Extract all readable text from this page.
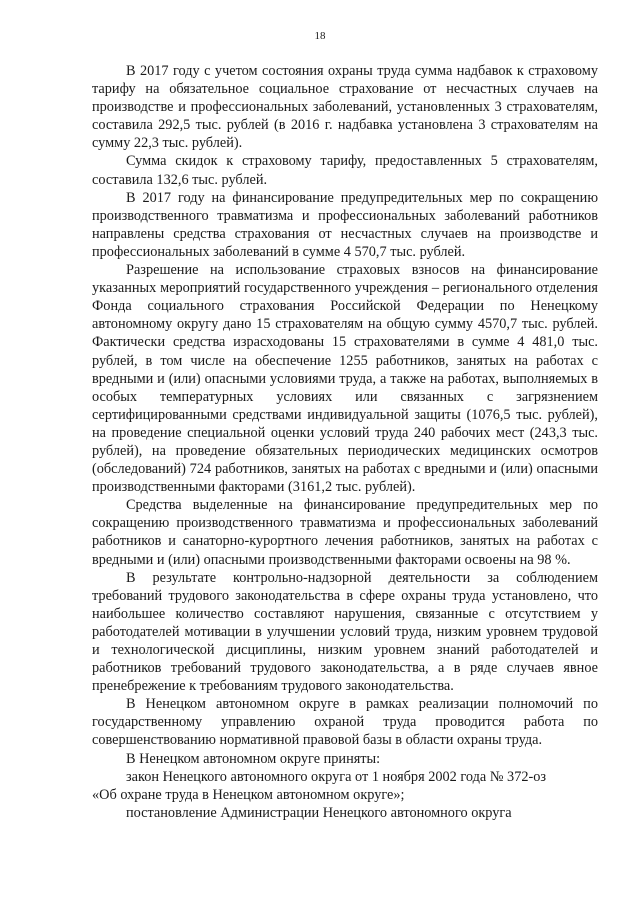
18

В 2017 году с учетом состояния охраны труда сумма надбавок к страховому тарифу на обязательное социальное страхование от несчастных случаев на производстве и профессиональных заболеваний, установленных 3 страхователям, составила 292,5 тыс. рублей (в 2016 г. надбавка установлена 3 страхователям на сумму 22,3 тыс. рублей).

Сумма скидок к страховому тарифу, предоставленных 5 страхователям, составила 132,6 тыс. рублей.

В 2017 году на финансирование предупредительных мер по сокращению производственного травматизма и профессиональных заболеваний работников направлены средства страхования от несчастных случаев на производстве и профессиональных заболеваний в сумме 4 570,7 тыс. рублей.

Разрешение на использование страховых взносов на финансирование указанных мероприятий государственного учреждения – регионального отделения Фонда социального страхования Российской Федерации по Ненецкому автономному округу дано 15 страхователям на общую сумму 4570,7 тыс. рублей. Фактически средства израсходованы 15 страхователями в сумме 4 481,0 тыс. рублей, в том числе на обеспечение 1255 работников, занятых на работах с вредными и (или) опасными условиями труда, а также на работах, выполняемых в особых температурных условиях или связанных с загрязнением сертифицированными средствами индивидуальной защиты (1076,5 тыс. рублей), на проведение специальной оценки условий труда 240 рабочих мест (243,3 тыс. рублей), на проведение обязательных периодических медицинских осмотров (обследований) 724 работников, занятых на работах с вредными и (или) опасными производственными факторами (3161,2 тыс. рублей).

Средства выделенные на финансирование предупредительных мер по сокращению производственного травматизма и профессиональных заболеваний работников и санаторно-курортного лечения работников, занятых на работах с вредными и (или) опасными производственными факторами освоены на 98 %.

В результате контрольно-надзорной деятельности за соблюдением требований трудового законодательства в сфере охраны труда установлено, что наибольшее количество составляют нарушения, связанные с отсутствием у работодателей мотивации в улучшении условий труда, низким уровнем трудовой и технологической дисциплины, низким уровнем знаний работодателей и работников требований трудового законодательства, а в ряде случаев явное пренебрежение к требованиям трудового законодательства.

В Ненецком автономном округе в рамках реализации полномочий по государственному управлению охраной труда проводится работа по совершенствованию нормативной правовой базы в области охраны труда.

В Ненецком автономном округе приняты:

закон Ненецкого автономного округа от 1 ноября 2002 года № 372-оз

«Об охране труда в Ненецком автономном округе»;

постановление Администрации Ненецкого автономного округа
